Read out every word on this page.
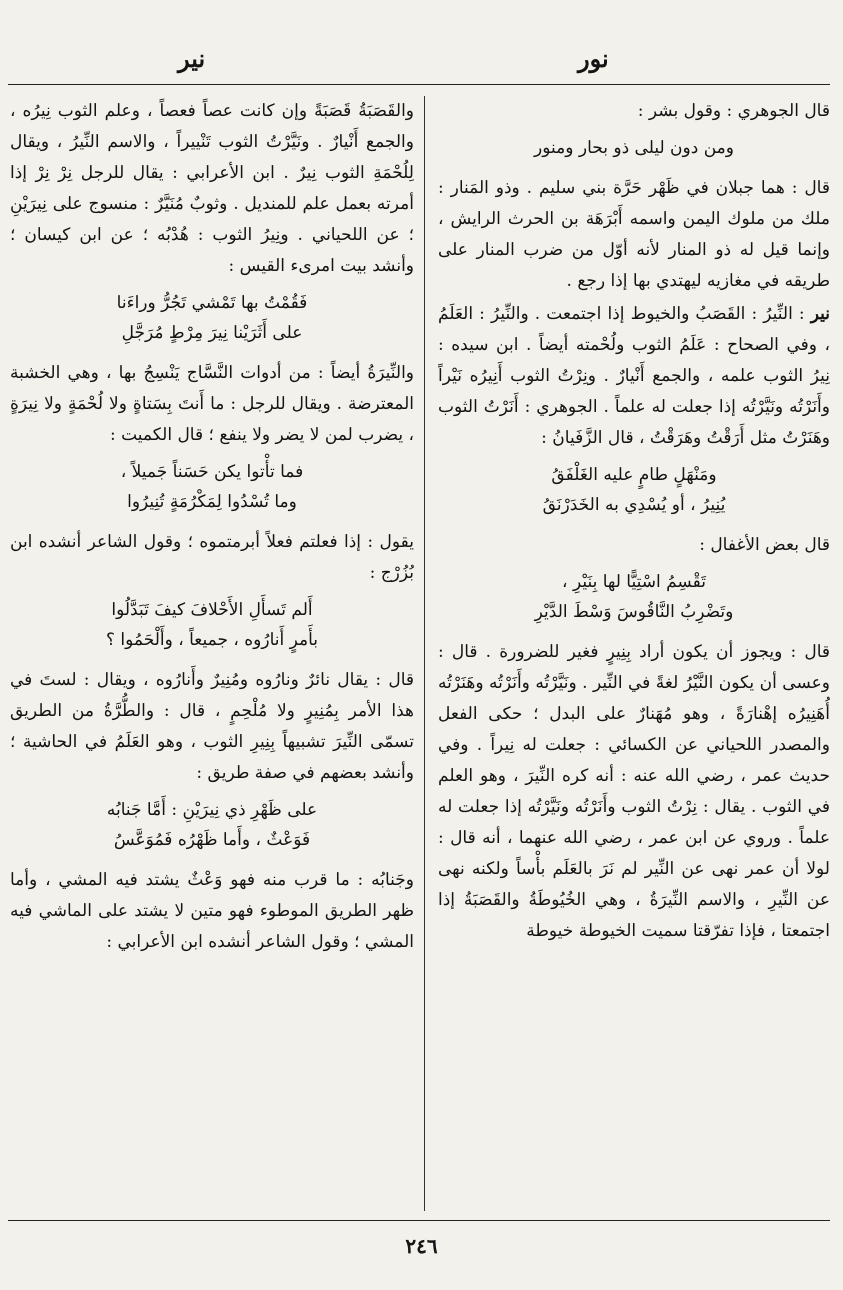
نور
نير

قال الجوهري : وقول بشر :

ومن دون ليلى ذو بحار ومنور

قال : هما جبلان في ظَهْر حَرَّة بني سليم . وذو المَنار : ملك من ملوك اليمن واسمه أَبْرَهَة بن الحرث الرايش ، وإنما قيل له ذو المنار لأنه أوّل من ضرب المنار على طريقه في مغازيه ليهتدي بها إذا رجع .

نير : النِّيرُ : القَصَبُ والخيوط إذا اجتمعت . والنِّيرُ : العَلَمُ ، وفي الصحاح : عَلَمُ الثوب ولُحْمته أيضاً . ابن سيده : نِيرُ الثوب علمه ، والجمع أَنْيارٌ . ونِرْتُ الثوب أَنِيرُه نَيْراً وأَنَرْتُه ونَيَّرْتُه إذا جعلت له علماً . الجوهري : أَنَرْتُ الثوب وهَنَرْتُ مثل أَرَقْتُ وهَرَقْتُ ، قال الزَّفَيانُ :

ومَنْهَلٍ طامٍ عليه الغَلْفَقُ
يُنِيرُ ، أو يُسْدِي به الخَدَرْنَقُ

قال بعض الأغفال :

تَقْسِمُ اسْتِيًّا لها بِنَيْرِ ،
وتَضْرِبُ النَّاقُوسَ وَسْطَ الدَّيْرِ

قال : ويجوز أن يكون أراد بِنِيرٍ فغير للضرورة . قال : وعسى أن يكون النَّيْرُ لغةً في النِّير . ونَيَّرْتُه وأَنَرْتُه وهَنَرْتُه أُهَنِيرُه إهْنارَةً ، وهو مُهَنارٌ على البدل ؛ حكى الفعل والمصدر اللحياني عن الكسائي : جعلت له نِيراً . وفي حديث عمر ، رضي الله عنه : أنه كره النِّيرَ ، وهو العلم في الثوب . يقال : نِرْتُ الثوب وأَنَرْتُه ونَيَّرْتُه إذا جعلت له علماً . وروي عن ابن عمر ، رضي الله عنهما ، أنه قال : لولا أن عمر نهى عن النِّير لم نَرَ بالعَلَم بأْساً ولكنه نهى عن النِّيرِ ، والاسم النِّيرَةُ ، وهي الخُيُوطَةُ والقَصَبَةُ إذا اجتمعتا ، فإذا تفرّقتا سميت الخيوطة خيوطة

والقَصَبَةُ قَصَبَةً وإن كانت عصاً فعصاً ، وعلم الثوب نِيرُه ، والجمع أَنْيارٌ . ونَيَّرْتُ الثوب تَنْييراً ، والاسم النِّيرُ ، ويقال لِلُحْمَةِ الثوب نِيرٌ . ابن الأعرابي : يقال للرجل نِرْ نِرْ إذا أمرته بعمل علم للمنديل . وثوبٌ مُنَيَّرٌ : منسوج على نِيرَيْنِ ؛ عن اللحياني . ونِيرُ الثوب : هُدْبُه ؛ عن ابن كيسان ؛ وأنشد بيت امرىء القيس :

فَقُمْتُ بها تَمْشي تَجُرُّ وراءَنا
على أَثَرَيْنا نِيرَ مِرْطٍ مُرَجَّلِ

والنِّيرَةُ أيضاً : من أدوات النَّسَّاج يَنْسِجُ بها ، وهي الخشبة المعترضة . ويقال للرجل : ما أَنتَ بِسَتاةٍ ولا لُحْمَةٍ ولا نِيرَةٍ ، يضرب لمن لا يضر ولا ينفع ؛ قال الكميت :

فما تأْتوا يكن حَسَناً جَميلاً ،
وما تُسْدُوا لِمَكْرُمَةٍ تُنِيرُوا

يقول : إذا فعلتم فعلاً أبرمتموه ؛ وقول الشاعر أنشده ابن بُزُرْج :

أَلم تَسأَلِ الأَحْلافَ كيفَ تَبَدَّلُوا
بأَمرٍ أَنارُوه ، جميعاً ، وأَلْحَمُوا ؟

قال : يقال نائرٌ ونارُوه ومُنِيرٌ وأَنارُوه ، ويقال : لستَ في هذا الأمر بِمُنِيرٍ ولا مُلْحِمٍ ، قال : والطُّرَّةُ من الطريق تسمّى النِّيرَ تشبيهاً بِنِيرِ الثوب ، وهو العَلَمُ في الحاشية ؛ وأنشد بعضهم في صفة طريق :

على ظَهْرِ ذي نِيرَيْنِ : أَمَّا جَنابُه
فَوَعْثٌ ، وأَما ظَهْرُه فَمُوَعَّسُ

وجَنابُه : ما قرب منه فهو وَعْثٌ يشتد فيه المشي ، وأما ظهر الطريق الموطوء فهو متين لا يشتد على الماشي فيه المشي ؛ وقول الشاعر أنشده ابن الأعرابي :

٢٤٦
